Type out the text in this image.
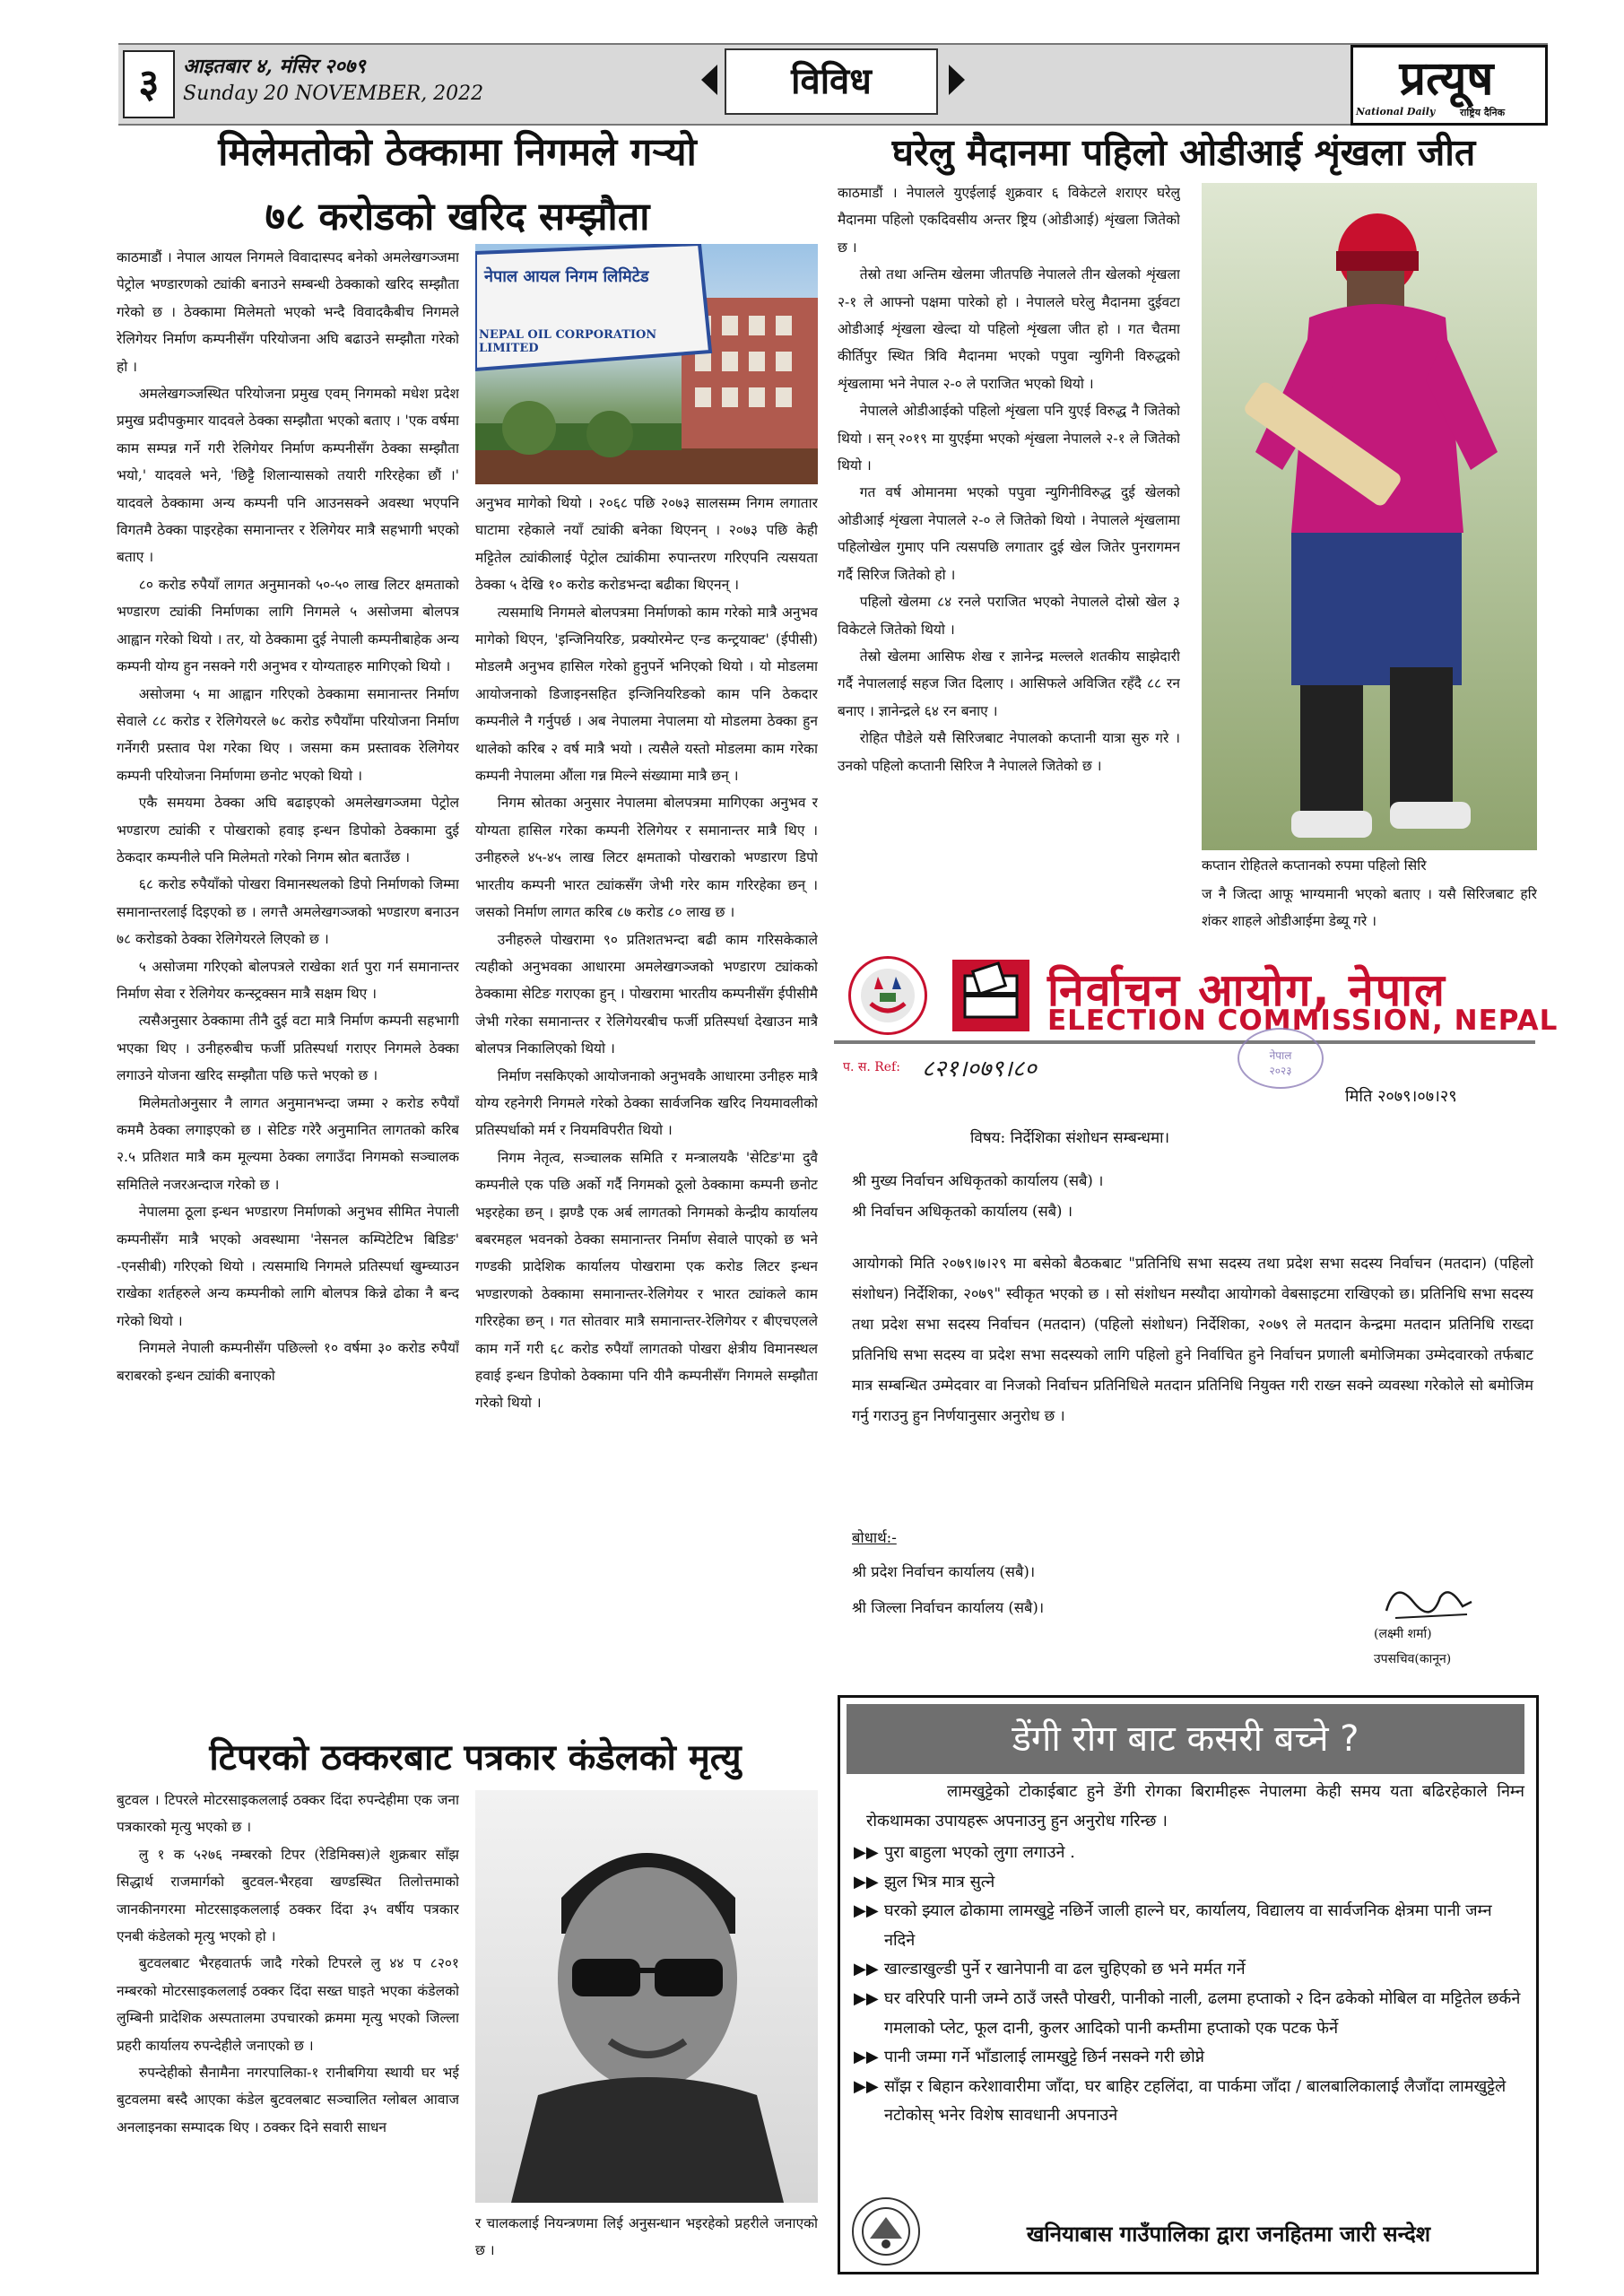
३	आइतबार ४, मंसिर २०७९
Sunday 20 NOVEMBER, 2022	विविध	प्रत्यूष
National Daily	राष्ट्रिय दैनिक
मिलेमतोको ठेक्कामा निगमले गर्‍यो
७८ करोडको खरिद सम्झौता

काठमाडौं । नेपाल आयल निगमले विवादास्पद बनेको अमलेखगञ्जमा पेट्रोल भण्डारणको ट्यांकी बनाउने सम्बन्धी ठेक्काको खरिद सम्झौता गरेको छ । ठेक्कामा मिलेमतो भएको भन्दै विवादकैबीच निगमले रेलिगेयर निर्माण कम्पनीसँग परियोजना अघि बढाउने सम्झौता गरेको हो ।

अमलेखगञ्जस्थित परियोजना प्रमुख एवम् निगमको मधेश प्रदेश प्रमुख प्रदीपकुमार यादवले ठेक्का सम्झौता भएको बताए । 'एक वर्षमा काम सम्पन्न गर्ने गरी रेलिगेयर निर्माण कम्पनीसँग ठेक्का सम्झौता भयो,' यादवले भने, 'छिट्टै शिलान्यासको तयारी गरिरहेका छौं ।' यादवले ठेक्कामा अन्य कम्पनी पनि आउनसक्ने अवस्था भएपनि विगतमै ठेक्का पाइरहेका समानान्तर र रेलिगेयर मात्रै सहभागी भएको बताए ।

८० करोड रुपैयाँ लागत अनुमानको ५०-५० लाख लिटर क्षमताको भण्डारण ट्यांकी निर्माणका लागि निगमले ५ असोजमा बोलपत्र आह्वान गरेको थियो । तर, यो ठेक्कामा दुई नेपाली कम्पनीबाहेक अन्य कम्पनी योग्य हुन नसक्ने गरी अनुभव र योग्यताहरु मागिएको थियो ।

असोजमा ५ मा आह्वान गरिएको ठेक्कामा समानान्तर निर्माण सेवाले ८८ करोड र रेलिगेयरले ७८ करोड रुपैयाँमा परियोजना निर्माण गर्नेगरी प्रस्ताव पेश गरेका थिए । जसमा कम प्रस्तावक रेलिगेयर कम्पनी परियोजना निर्माणमा छनोट भएको थियो ।

एकै समयमा ठेक्का अघि बढाइएको अमलेखगञ्जमा पेट्रोल भण्डारण ट्यांकी र पोखराको हवाइ इन्धन डिपोको ठेक्कामा दुई ठेकदार कम्पनीले पनि मिलेमतो गरेको निगम स्रोत बताउँछ ।

६८ करोड रुपैयाँको पोखरा विमानस्थलको डिपो निर्माणको जिम्मा समानान्तरलाई दिइएको छ । लगत्तै अमलेखगञ्जको भण्डारण बनाउन ७८ करोडको ठेक्का रेलिगेयरले लिएको छ ।

५ असोजमा गरिएको बोलपत्रले राखेका शर्त पुरा गर्न समानान्तर निर्माण सेवा र रेलिगेयर कन्स्ट्रक्सन मात्रै सक्षम थिए ।

त्यसैअनुसार ठेक्कामा तीनै दुई वटा मात्रै निर्माण कम्पनी सहभागी भएका थिए । उनीहरुबीच फर्जी प्रतिस्पर्धा गराएर निगमले ठेक्का लगाउने योजना खरिद सम्झौता पछि फत्ते भएको छ ।

मिलेमतोअनुसार नै लागत अनुमानभन्दा जम्मा २ करोड रुपैयाँ कममै ठेक्का लगाइएको छ । सेटिङ गरेरै अनुमानित लागतको करिब २.५ प्रतिशत मात्रै कम मूल्यमा ठेक्का लगाउँदा निगमको सञ्चालक समितिले नजरअन्दाज गरेको छ ।

नेपालमा ठूला इन्धन भण्डारण निर्माणको अनुभव सीमित नेपाली कम्पनीसँग मात्रै भएको अवस्थामा 'नेसनल कम्पिटेटिभ बिडिङ' -एनसीबी) गरिएको थियो । त्यसमाथि निगमले प्रतिस्पर्धा खुम्च्याउन राखेका शर्तहरुले अन्य कम्पनीको लागि बोलपत्र किन्ने ढोका नै बन्द गरेको थियो ।

निगमले नेपाली कम्पनीसँग पछिल्लो १० वर्षमा ३० करोड रुपैयाँ बराबरको इन्धन ट्यांकी बनाएको

नेपाल आयल निगम लिमिटेड
NEPAL OIL CORPORATION LIMITED

अनुभव मागेको थियो । २०६८ पछि २०७३ सालसम्म निगम लगातार घाटामा रहेकाले नयाँ ट्यांकी बनेका थिएनन् । २०७३ पछि केही मट्टितेल ट्यांकीलाई पेट्रोल ट्यांकीमा रुपान्तरण गरिएपनि त्यसयता ठेक्का ५ देखि १० करोड करोडभन्दा बढीका थिएनन् ।

त्यसमाथि निगमले बोलपत्रमा निर्माणको काम गरेको मात्रै अनुभव मागेको थिएन, 'इन्जिनियरिङ, प्रक्योरमेन्ट एन्ड कन्ट्रयाक्ट' (ईपीसी) मोडलमै अनुभव हासिल गरेको हुनुपर्ने भनिएको थियो । यो मोडलमा आयोजनाको डिजाइनसहित इन्जिनियरिङको काम पनि ठेकदार कम्पनीले नै गर्नुपर्छ । अब नेपालमा नेपालमा यो मोडलमा ठेक्का हुन थालेको करिब २ वर्ष मात्रै भयो । त्यसैले यस्तो मोडलमा काम गरेका कम्पनी नेपालमा औंला गन्न मिल्ने संख्यामा मात्रै छन् ।

निगम स्रोतका अनुसार नेपालमा बोलपत्रमा मागिएका अनुभव र योग्यता हासिल गरेका कम्पनी रेलिगेयर र समानान्तर मात्रै थिए । उनीहरुले ४५-४५ लाख लिटर क्षमताको पोखराको भण्डारण डिपो भारतीय कम्पनी भारत ट्यांकसँग जेभी गरेर काम गरिरहेका छन् । जसको निर्माण लागत करिब ८७ करोड ८० लाख छ ।

उनीहरुले पोखरामा ९० प्रतिशतभन्दा बढी काम गरिसकेकाले त्यहीको अनुभवका आधारमा अमलेखगञ्जको भण्डारण ट्यांकको ठेक्कामा सेटिङ गराएका हुन् । पोखरामा भारतीय कम्पनीसँग ईपीसीमै जेभी गरेका समानान्तर र रेलिगेयरबीच फर्जी प्रतिस्पर्धा देखाउन मात्रै बोलपत्र निकालिएको थियो ।

निर्माण नसकिएको आयोजनाको अनुभवकै आधारमा उनीहरु मात्रै योग्य रहनेगरी निगमले गरेको ठेक्का सार्वजनिक खरिद नियमावलीको प्रतिस्पर्धाको मर्म र नियमविपरीत थियो ।

निगम नेतृत्व, सञ्चालक समिति र मन्त्रालयकै 'सेटिङ'मा दुवै कम्पनीले एक पछि अर्को गर्दै निगमको ठूलो ठेक्कामा कम्पनी छनोट भइरहेका छन् । झण्डै एक अर्ब लागतको निगमको केन्द्रीय कार्यालय बबरमहल भवनको ठेक्का समानान्तर निर्माण सेवाले पाएको छ भने गण्डकी प्रादेशिक कार्यालय पोखरामा एक करोड लिटर इन्धन भण्डारणको ठेक्कामा समानान्तर-रेलिगेयर र भारत ट्यांकले काम गरिरहेका छन् । गत सोतवार मात्रै समानान्तर-रेलिगेयर र बीएचएलले काम गर्ने गरी ६८ करोड रुपैयाँ लागतको पोखरा क्षेत्रीय विमानस्थल हवाई इन्धन डिपोको ठेक्कामा पनि यीनै कम्पनीसँग निगमले सम्झौता गरेको थियो ।

घरेलु मैदानमा पहिलो ओडीआई शृंखला जीत

काठमाडौं । नेपालले युएईलाई शुक्रवार ६ विकेटले शराएर घरेलु मैदानमा पहिलो एकदिवसीय अन्तर ष्ट्रिय (ओडीआई) शृंखला जितेको छ ।

तेस्रो तथा अन्तिम खेलमा जीतपछि नेपालले तीन खेलको शृंखला २-१ ले आफ्नो पक्षमा पारेको हो । नेपालले घरेलु मैदानमा दुईवटा ओडीआई शृंखला खेल्दा यो पहिलो शृंखला जीत हो । गत चैतमा कीर्तिपुर स्थित त्रिवि मैदानमा भएको पपुवा न्युगिनी विरुद्धको शृंखलामा भने नेपाल २-० ले पराजित भएको थियो ।

नेपालले ओडीआईको पहिलो शृंखला पनि युएई विरुद्ध नै जितेको थियो । सन् २०१९ मा युएईमा भएको शृंखला नेपालले २-१ ले जितेको थियो ।

गत वर्ष ओमानमा भएको पपुवा न्युगिनीविरुद्ध दुई खेलको ओडीआई शृंखला नेपालले २-० ले जितेको थियो । नेपालले शृंखलामा पहिलोखेल गुमाए पनि त्यसपछि लगातार दुई खेल जितेर पुनरागमन गर्दै सिरिज जितेको हो ।

पहिलो खेलमा ८४ रनले पराजित भएको नेपालले दोस्रो खेल ३ विकेटले जितेको थियो ।

तेस्रो खेलमा आसिफ शेख र ज्ञानेन्द्र मल्लले शतकीय साझेदारी गर्दै नेपाललाई सहज जित दिलाए । आसिफले अविजित रहँदै ८८ रन बनाए । ज्ञानेन्द्रले ६४ रन बनाए ।

रोहित पौडेले यसै सिरिजबाट नेपालको कप्तानी यात्रा सुरु गरे । उनको पहिलो कप्तानी सिरिज नै नेपालले जितेको छ ।

कप्तान रोहितले कप्तानको रुपमा पहिलो सिरि
ज नै जित्दा आफू भाग्यमानी भएको बताए । यसै सिरिजबाट हरि शंकर शाहले ओडीआईमा डेब्यू गरे ।
निर्वाचन आयोग, नेपाल
ELECTION COMMISSION, NEPAL
प. स. Ref: ८२१।०७९।८०	नेपाल
२०२३
मिति २०७९।०७।२९
विषय: निर्देशिका संशोधन सम्बन्धमा।
श्री मुख्य निर्वाचन अधिकृतको कार्यालय (सबै) ।
श्री निर्वाचन अधिकृतको कार्यालय (सबै) ।
आयोगको मिति २०७९।७।२९ मा बसेको बैठकबाट "प्रतिनिधि सभा सदस्य तथा प्रदेश सभा सदस्य निर्वाचन (मतदान) (पहिलो संशोधन) निर्देशिका, २०७९" स्वीकृत भएको छ । सो संशोधन मस्यौदा आयोगको वेबसाइटमा राखिएको छ। प्रतिनिधि सभा सदस्य तथा प्रदेश सभा सदस्य निर्वाचन (मतदान) (पहिलो संशोधन) निर्देशिका, २०७९ ले मतदान केन्द्रमा मतदान प्रतिनिधि राख्दा प्रतिनिधि सभा सदस्य वा प्रदेश सभा सदस्यको लागि पहिलो हुने निर्वाचित हुने निर्वाचन प्रणाली बमोजिमका उम्मेदवारको तर्फबाट मात्र सम्बन्धित उम्मेदवार वा निजको निर्वाचन प्रतिनिधिले मतदान प्रतिनिधि नियुक्त गरी राख्न सक्ने व्यवस्था गरेकोले सो बमोजिम गर्नु गराउनु हुन निर्णयानुसार अनुरोध छ ।
बोधार्थ:-
श्री प्रदेश निर्वाचन कार्यालय (सबै)।
श्री जिल्ला निर्वाचन कार्यालय (सबै)।
(लक्ष्मी शर्मा)
उपसचिव(कानून)
टिपरको ठक्करबाट पत्रकार कंडेलको मृत्यु

बुटवल । टिपरले मोटरसाइकललाई ठक्कर दिंदा रुपन्देहीमा एक जना पत्रकारको मृत्यु भएको छ ।

लु १ क ५२७६ नम्बरको टिपर (रेडिमिक्स)ले शुक्रबार साँझ सिद्धार्थ राजमार्गको बुटवल-भैरहवा खण्डस्थित तिलोत्तमाको जानकीनगरमा मोटरसाइकललाई ठक्कर दिंदा ३५ वर्षीय पत्रकार एनबी कंडेलको मृत्यु भएको हो ।

बुटवलबाट भैरहवातर्फ जादै गरेको टिपरले लु ४४ प ८२०१ नम्बरको मोटरसाइकललाई ठक्कर दिंदा सख्त घाइते भएका कंडेलको लुम्बिनी प्रादेशिक अस्पतालमा उपचारको क्रममा मृत्यु भएको जिल्ला प्रहरी कार्यालय रुपन्देहीले जनाएको छ ।

रुपन्देहीको सैनामैना नगरपालिका-१ रानीबगिया स्थायी घर भई बुटवलमा बस्दै आएका कंडेल बुटवलबाट सञ्चालित ग्लोबल आवाज अनलाइनका सम्पादक थिए । ठक्कर दिने सवारी साधन

र चालकलाई नियन्त्रणमा लिई अनुसन्धान भइरहेको प्रहरीले जनाएको छ ।
डेंगी रोग बाट कसरी बच्ने ?
लामखुट्टेको टोकाईबाट हुने डेंगी रोगका बिरामीहरू नेपालमा केही समय यता बढिरहेकाले निम्न रोकथामका उपायहरू अपनाउनु हुन अनुरोध गरिन्छ ।
▶▶ पुरा बाहुला भएको लुगा लगाउने .
▶▶ झुल भित्र मात्र सुत्ने
▶▶ घरको झ्याल ढोकामा लामखुट्टे नछिर्ने जाली हाल्ने घर, कार्यालय, विद्यालय वा सार्वजनिक क्षेत्रमा पानी जम्न नदिने
▶▶ खाल्डाखुल्डी पुर्ने र खानेपानी वा ढल चुहिएको छ भने मर्मत गर्ने
▶▶ घर वरिपरि पानी जम्ने ठाउँ जस्तै पोखरी, पानीको नाली, ढलमा हप्ताको २ दिन ढकेको मोबिल वा मट्टितेल छर्कने गमलाको प्लेट, फूल दानी, कुलर आदिको पानी कम्तीमा हप्ताको एक पटक फेर्ने
▶▶ पानी जम्मा गर्ने भाँडालाई लामखुट्टे छिर्न नसक्ने गरी छोप्ने
▶▶ साँझ र बिहान करेशावारीमा जाँदा, घर बाहिर टहलिंदा, वा पार्कमा जाँदा / बालबालिकालाई लैजाँदा लामखुट्टेले नटोकोस् भनेर विशेष सावधानी अपनाउने
खनियाबास गाउँपालिका द्वारा जनहितमा जारी सन्देश
